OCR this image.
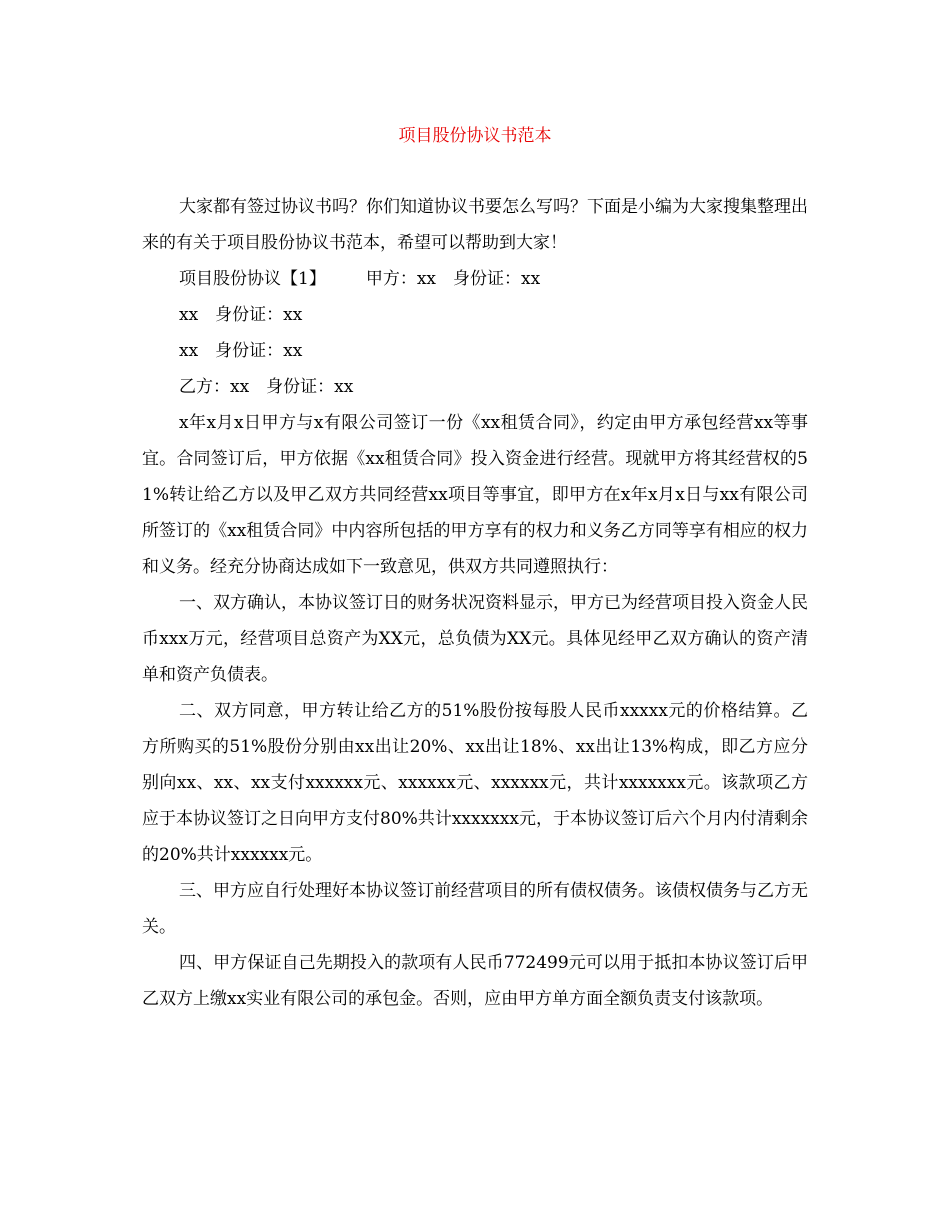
项目股份协议书范本

大家都有签过协议书吗？你们知道协议书要怎么写吗？下面是小编为大家搜集整理出来的有关于项目股份协议书范本，希望可以帮助到大家！

项目股份协议【1】 甲方：xx　身份证：xx

xx　身份证：xx

xx　身份证：xx

乙方：xx　身份证：xx

x年x月x日甲方与x有限公司签订一份《xx租赁合同》，约定由甲方承包经营xx等事宜。合同签订后，甲方依据《xx租赁合同》投入资金进行经营。现就甲方将其经营权的51%转让给乙方以及甲乙双方共同经营xx项目等事宜，即甲方在x年x月x日与xx有限公司所签订的《xx租赁合同》中内容所包括的甲方享有的权力和义务乙方同等享有相应的权力和义务。经充分协商达成如下一致意见，供双方共同遵照执行：

一、双方确认，本协议签订日的财务状况资料显示，甲方已为经营项目投入资金人民币xxx万元，经营项目总资产为XX元，总负债为XX元。具体见经甲乙双方确认的资产清单和资产负债表。

二、双方同意，甲方转让给乙方的51%股份按每股人民币xxxxx元的价格结算。乙方所购买的51%股份分别由xx出让20%、xx出让18%、xx出让13%构成，即乙方应分别向xx、xx、xx支付xxxxxx元、xxxxxx元、xxxxxx元，共计xxxxxxx元。该款项乙方应于本协议签订之日向甲方支付80%共计xxxxxxx元，于本协议签订后六个月内付清剩余的20%共计xxxxxx元。

三、甲方应自行处理好本协议签订前经营项目的所有债权债务。该债权债务与乙方无关。

四、甲方保证自己先期投入的款项有人民币772499元可以用于抵扣本协议签订后甲乙双方上缴xx实业有限公司的承包金。否则，应由甲方单方面全额负责支付该款项。
